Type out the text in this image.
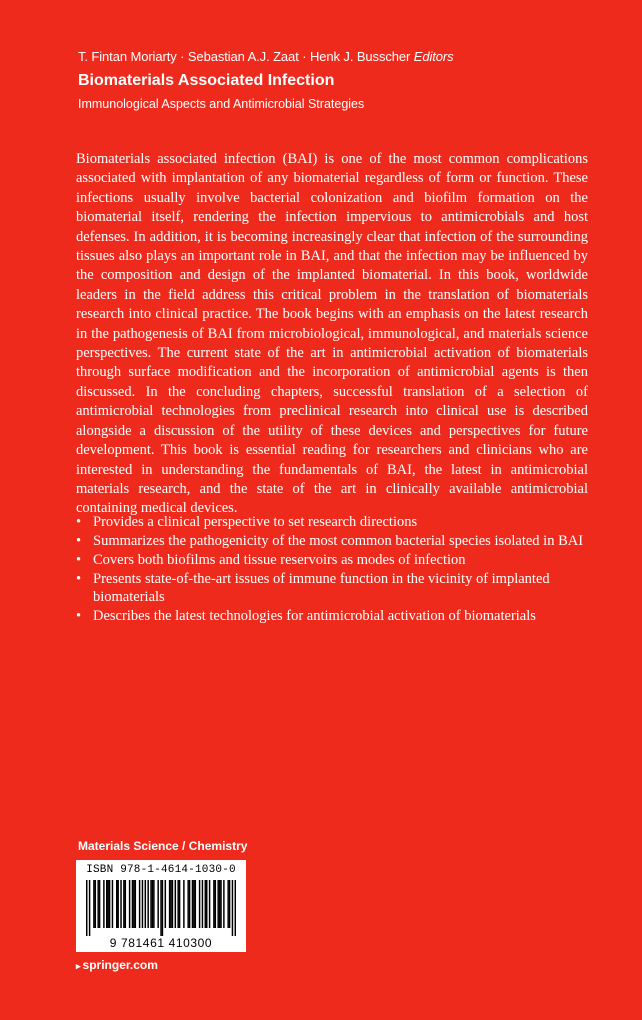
T. Fintan Moriarty · Sebastian A.J. Zaat · Henk J. Busscher Editors
Biomaterials Associated Infection
Immunological Aspects and Antimicrobial Strategies

Biomaterials associated infection (BAI) is one of the most common complications associated with implantation of any biomaterial regardless of form or function. These infections usually involve bacterial colonization and biofilm formation on the biomaterial itself, rendering the infection impervious to antimicrobials and host defenses. In addition, it is becoming increasingly clear that infection of the surrounding tissues also plays an important role in BAI, and that the infection may be influenced by the composition and design of the implanted biomaterial. In this book, worldwide leaders in the field address this critical problem in the translation of biomaterials research into clinical practice. The book begins with an emphasis on the latest research in the pathogenesis of BAI from microbiological, immunological, and materials science perspectives. The current state of the art in antimicrobial activation of biomaterials through surface modification and the incorporation of antimicrobial agents is then discussed. In the concluding chapters, successful translation of a selection of antimicrobial technologies from preclinical research into clinical use is described alongside a discussion of the utility of these devices and perspectives for future development. This book is essential reading for researchers and clinicians who are interested in understanding the fundamentals of BAI, the latest in antimicrobial materials research, and the state of the art in clinically available antimicrobial containing medical devices.

• Provides a clinical perspective to set research directions
• Summarizes the pathogenicity of the most common bacterial species isolated in BAI
• Covers both biofilms and tissue reservoirs as modes of infection
• Presents state-of-the-art issues of immune function in the vicinity of implanted biomaterials
• Describes the latest technologies for antimicrobial activation of biomaterials
Materials Science / Chemistry
ISBN 978-1-4614-1030-0
9 781461 410300
▸ springer.com
